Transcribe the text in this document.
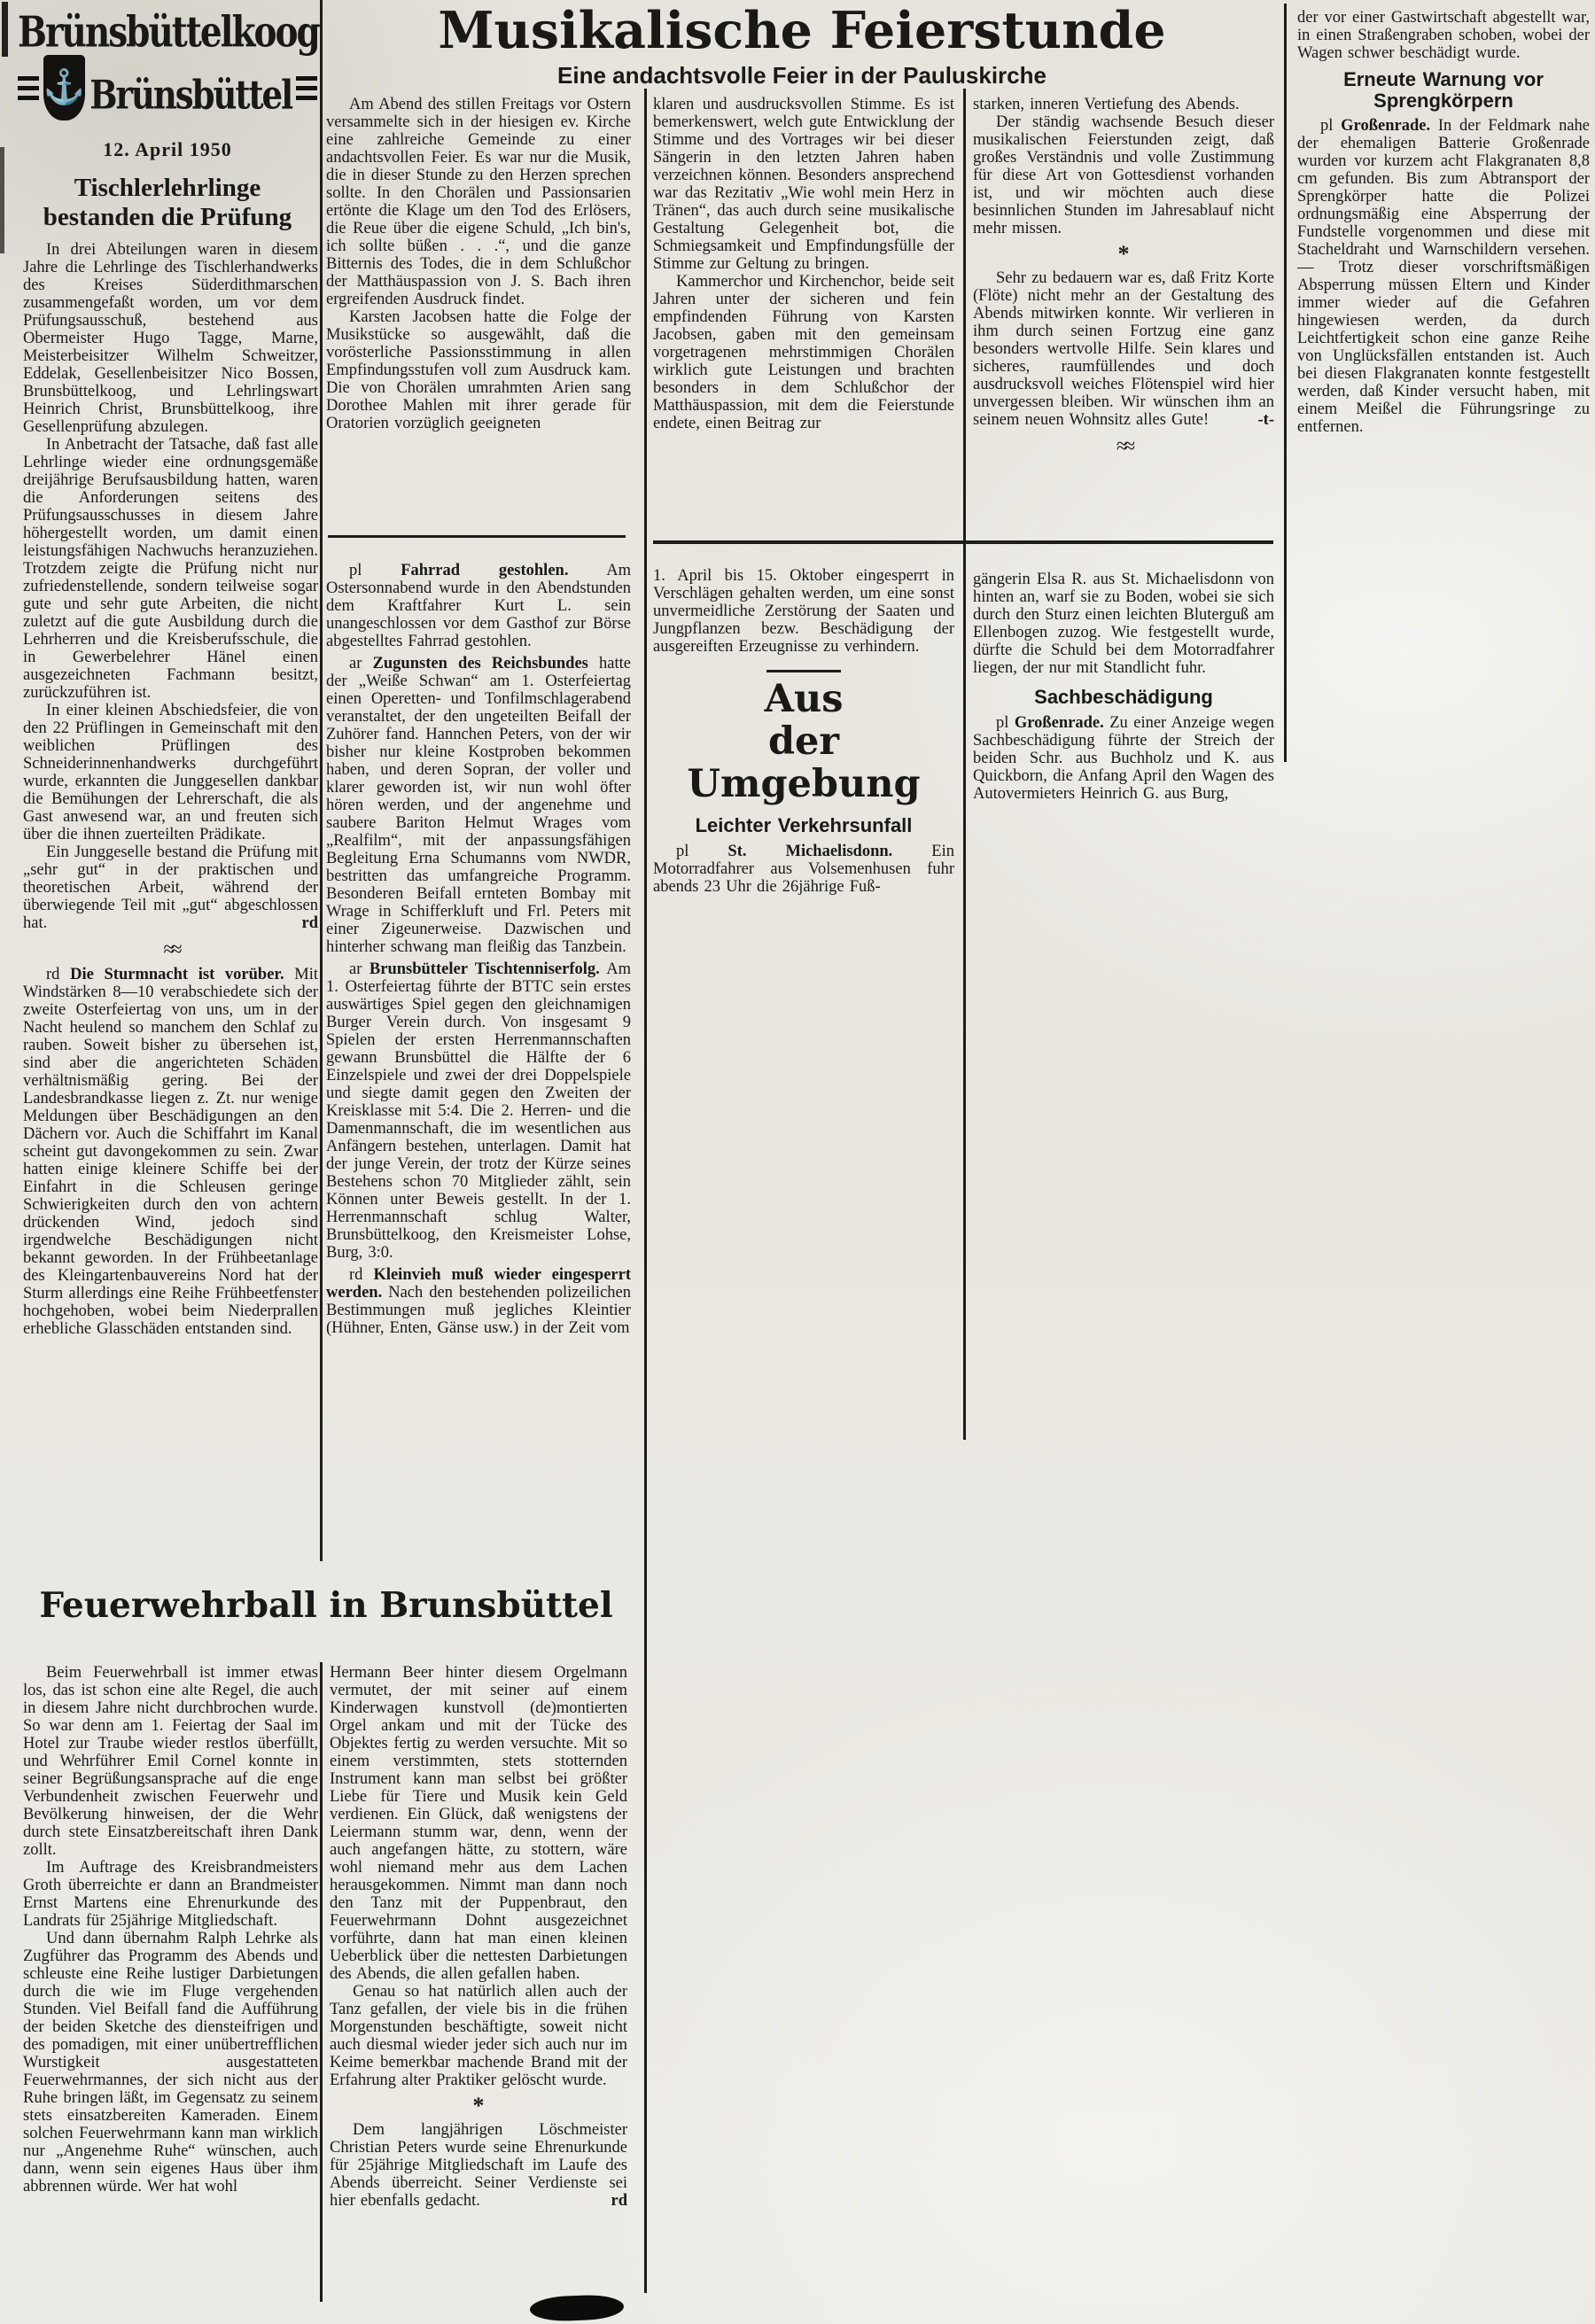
Brünsbüttelkoog
⚓ Brünsbüttel
12. April 1950
Tischlerlehrlinge bestanden die Prüfung

In drei Abteilungen waren in diesem Jahre die Lehrlinge des Tischlerhandwerks des Kreises Süderdithmarschen zusammengefaßt worden, um vor dem Prüfungsausschuß, bestehend aus Obermeister Hugo Tagge, Marne, Meisterbeisitzer Wilhelm Schweitzer, Eddelak, Gesellenbeisitzer Nico Bossen, Brunsbüttelkoog, und Lehrlingswart Heinrich Christ, Brunsbüttelkoog, ihre Gesellenprüfung abzulegen.

In Anbetracht der Tatsache, daß fast alle Lehrlinge wieder eine ordnungsgemäße dreijährige Berufsausbildung hatten, waren die Anforderungen seitens des Prüfungsausschusses in diesem Jahre höhergestellt worden, um damit einen leistungsfähigen Nachwuchs heranzuziehen. Trotzdem zeigte die Prüfung nicht nur zufriedenstellende, sondern teilweise sogar gute und sehr gute Arbeiten, die nicht zuletzt auf die gute Ausbildung durch die Lehrherren und die Kreisberufsschule, die in Gewerbelehrer Hänel einen ausgezeichneten Fachmann besitzt, zurückzuführen ist.

In einer kleinen Abschiedsfeier, die von den 22 Prüflingen in Gemeinschaft mit den weiblichen Prüflingen des Schneiderinnenhandwerks durchgeführt wurde, erkannten die Junggesellen dankbar die Bemühungen der Lehrerschaft, die als Gast anwesend war, an und freuten sich über die ihnen zuerteilten Prädikate.

Ein Junggeselle bestand die Prüfung mit „sehr gut“ in der praktischen und theoretischen Arbeit, während der überwiegende Teil mit „gut“ abgeschlossen hat.	rd
≈≈

rd Die Sturmnacht ist vorüber. Mit Windstärken 8—10 verabschiedete sich der zweite Osterfeiertag von uns, um in der Nacht heulend so manchem den Schlaf zu rauben. Soweit bisher zu übersehen ist, sind aber die angerichteten Schäden verhältnismäßig gering. Bei der Landesbrandkasse liegen z. Zt. nur wenige Meldungen über Beschädigungen an den Dächern vor. Auch die Schiffahrt im Kanal scheint gut davongekommen zu sein. Zwar hatten einige kleinere Schiffe bei der Einfahrt in die Schleusen geringe Schwierigkeiten durch den von achtern drückenden Wind, jedoch sind irgendwelche Beschädigungen nicht bekannt geworden. In der Frühbeetanlage des Kleingartenbauvereins Nord hat der Sturm allerdings eine Reihe Frühbeetfenster hochgehoben, wobei beim Niederprallen erhebliche Glasschäden entstanden sind.

Musikalische Feierstunde
Eine andachtsvolle Feier in der Pauluskirche

Am Abend des stillen Freitags vor Ostern versammelte sich in der hiesigen ev. Kirche eine zahlreiche Gemeinde zu einer andachtsvollen Feier. Es war nur die Musik, die in dieser Stunde zu den Herzen sprechen sollte. In den Chorälen und Passionsarien ertönte die Klage um den Tod des Erlösers, die Reue über die eigene Schuld, „Ich bin's, ich sollte büßen . . .“, und die ganze Bitternis des Todes, die in dem Schlußchor der Matthäuspassion von J. S. Bach ihren ergreifenden Ausdruck findet.

Karsten Jacobsen hatte die Folge der Musikstücke so ausgewählt, daß die vorösterliche Passionsstimmung in allen Empfindungsstufen voll zum Ausdruck kam. Die von Chorälen umrahmten Arien sang Dorothee Mahlen mit ihrer gerade für Oratorien vorzüglich geeigneten

klaren und ausdrucksvollen Stimme. Es ist bemerkenswert, welch gute Entwicklung der Stimme und des Vortrages wir bei dieser Sängerin in den letzten Jahren haben verzeichnen können. Besonders ansprechend war das Rezitativ „Wie wohl mein Herz in Tränen“, das auch durch seine musikalische Gestaltung Gelegenheit bot, die Schmiegsamkeit und Empfindungsfülle der Stimme zur Geltung zu bringen.

Kammerchor und Kirchenchor, beide seit Jahren unter der sicheren und fein empfindenden Führung von Karsten Jacobsen, gaben mit den gemeinsam vorgetragenen mehrstimmigen Chorälen wirklich gute Leistungen und brachten besonders in dem Schlußchor der Matthäuspassion, mit dem die Feierstunde endete, einen Beitrag zur

starken, inneren Vertiefung des Abends.

Der ständig wachsende Besuch dieser musikalischen Feierstunden zeigt, daß großes Verständnis und volle Zustimmung für diese Art von Gottesdienst vorhanden ist, und wir möchten auch diese besinnlichen Stunden im Jahresablauf nicht mehr missen.

*

Sehr zu bedauern war es, daß Fritz Korte (Flöte) nicht mehr an der Gestaltung des Abends mitwirken konnte. Wir verlieren in ihm durch seinen Fortzug eine ganz besonders wertvolle Hilfe. Sein klares und sicheres, raumfüllendes und doch ausdrucksvoll weiches Flötenspiel wird hier unvergessen bleiben. Wir wünschen ihm an seinem neuen Wohnsitz alles Gute!	-t-
≈≈

pl Fahrrad gestohlen. Am Ostersonnabend wurde in den Abendstunden dem Kraftfahrer Kurt L. sein unangeschlossen vor dem Gasthof zur Börse abgestelltes Fahrrad gestohlen.

ar Zugunsten des Reichsbundes hatte der „Weiße Schwan“ am 1. Osterfeiertag einen Operetten- und Tonfilmschlagerabend veranstaltet, der den ungeteilten Beifall der Zuhörer fand. Hannchen Peters, von der wir bisher nur kleine Kostproben bekommen haben, und deren Sopran, der voller und klarer geworden ist, wir nun wohl öfter hören werden, und der angenehme und saubere Bariton Helmut Wrages vom „Realfilm“, mit der anpassungsfähigen Begleitung Erna Schumanns vom NWDR, bestritten das umfangreiche Programm. Besonderen Beifall ernteten Bombay mit Wrage in Schifferkluft und Frl. Peters mit einer Zigeunerweise. Dazwischen und hinterher schwang man fleißig das Tanzbein.

ar Brunsbütteler Tischtenniserfolg. Am 1. Osterfeiertag führte der BTTC sein erstes auswärtiges Spiel gegen den gleichnamigen Burger Verein durch. Von insgesamt 9 Spielen der ersten Herrenmannschaften gewann Brunsbüttel die Hälfte der 6 Einzelspiele und zwei der drei Doppelspiele und siegte damit gegen den Zweiten der Kreisklasse mit 5:4. Die 2. Herren- und die Damenmannschaft, die im wesentlichen aus Anfängern bestehen, unterlagen. Damit hat der junge Verein, der trotz der Kürze seines Bestehens schon 70 Mitglieder zählt, sein Können unter Beweis gestellt. In der 1. Herrenmannschaft schlug Walter, Brunsbüttelkoog, den Kreismeister Lohse, Burg, 3:0.

rd Kleinvieh muß wieder eingesperrt werden. Nach den bestehenden polizeilichen Bestimmungen muß jegliches Kleintier (Hühner, Enten, Gänse usw.) in der Zeit vom

1. April bis 15. Oktober eingesperrt in Verschlägen gehalten werden, um eine sonst unvermeidliche Zerstörung der Saaten und Jungpflanzen bezw. Beschädigung der ausgereiften Erzeugnisse zu verhindern.

Aus
der Umgebung
Leichter Verkehrsunfall

pl St. Michaelisdonn. Ein Motorradfahrer aus Volsemenhusen fuhr abends 23 Uhr die 26jährige Fuß-

gängerin Elsa R. aus St. Michaelisdonn von hinten an, warf sie zu Boden, wobei sie sich durch den Sturz einen leichten Bluterguß am Ellenbogen zuzog. Wie festgestellt wurde, dürfte die Schuld bei dem Motorradfahrer liegen, der nur mit Standlicht fuhr.

Sachbeschädigung

pl Großenrade. Zu einer Anzeige wegen Sachbeschädigung führte der Streich der beiden Schr. aus Buchholz und K. aus Quickborn, die Anfang April den Wagen des Autovermieters Heinrich G. aus Burg,

der vor einer Gastwirtschaft abgestellt war, in einen Straßengraben schoben, wobei der Wagen schwer beschädigt wurde.

Erneute Warnung vor Sprengkörpern

pl Großenrade. In der Feldmark nahe der ehemaligen Batterie Großenrade wurden vor kurzem acht Flakgranaten 8,8 cm gefunden. Bis zum Abtransport der Sprengkörper hatte die Polizei ordnungsmäßig eine Absperrung der Fundstelle vorgenommen und diese mit Stacheldraht und Warnschildern versehen. — Trotz dieser vorschriftsmäßigen Absperrung müssen Eltern und Kinder immer wieder auf die Gefahren hingewiesen werden, da durch Leichtfertigkeit schon eine ganze Reihe von Unglücksfällen entstanden ist. Auch bei diesen Flakgranaten konnte festgestellt werden, daß Kinder versucht haben, mit einem Meißel die Führungsringe zu entfernen.

Feuerwehrball in Brunsbüttel

Beim Feuerwehrball ist immer etwas los, das ist schon eine alte Regel, die auch in diesem Jahre nicht durchbrochen wurde. So war denn am 1. Feiertag der Saal im Hotel zur Traube wieder restlos überfüllt, und Wehrführer Emil Cornel konnte in seiner Begrüßungsansprache auf die enge Verbundenheit zwischen Feuerwehr und Bevölkerung hinweisen, der die Wehr durch stete Einsatzbereitschaft ihren Dank zollt.

Im Auftrage des Kreisbrandmeisters Groth überreichte er dann an Brandmeister Ernst Martens eine Ehrenurkunde des Landrats für 25jährige Mitgliedschaft.

Und dann übernahm Ralph Lehrke als Zugführer das Programm des Abends und schleuste eine Reihe lustiger Darbietungen durch die wie im Fluge vergehenden Stunden. Viel Beifall fand die Aufführung der beiden Sketche des diensteifrigen und des pomadigen, mit einer unübertrefflichen Wurstigkeit ausgestatteten Feuerwehrmannes, der sich nicht aus der Ruhe bringen läßt, im Gegensatz zu seinem stets einsatzbereiten Kameraden. Einem solchen Feuerwehrmann kann man wirklich nur „Angenehme Ruhe“ wünschen, auch dann, wenn sein eigenes Haus über ihm abbrennen würde. Wer hat wohl

Hermann Beer hinter diesem Orgelmann vermutet, der mit seiner auf einem Kinderwagen kunstvoll (de)montierten Orgel ankam und mit der Tücke des Objektes fertig zu werden versuchte. Mit so einem verstimmten, stets stotternden Instrument kann man selbst bei größter Liebe für Tiere und Musik kein Geld verdienen. Ein Glück, daß wenigstens der Leiermann stumm war, denn, wenn der auch angefangen hätte, zu stottern, wäre wohl niemand mehr aus dem Lachen herausgekommen. Nimmt man dann noch den Tanz mit der Puppenbraut, den Feuerwehrmann Dohnt ausgezeichnet vorführte, dann hat man einen kleinen Ueberblick über die nettesten Darbietungen des Abends, die allen gefallen haben.

Genau so hat natürlich allen auch der Tanz gefallen, der viele bis in die frühen Morgenstunden beschäftigte, soweit nicht auch diesmal wieder jeder sich auch nur im Keime bemerkbar machende Brand mit der Erfahrung alter Praktiker gelöscht wurde.

*

Dem langjährigen Löschmeister Christian Peters wurde seine Ehrenurkunde für 25jährige Mitgliedschaft im Laufe des Abends überreicht. Seiner Verdienste sei hier ebenfalls gedacht.	rd
